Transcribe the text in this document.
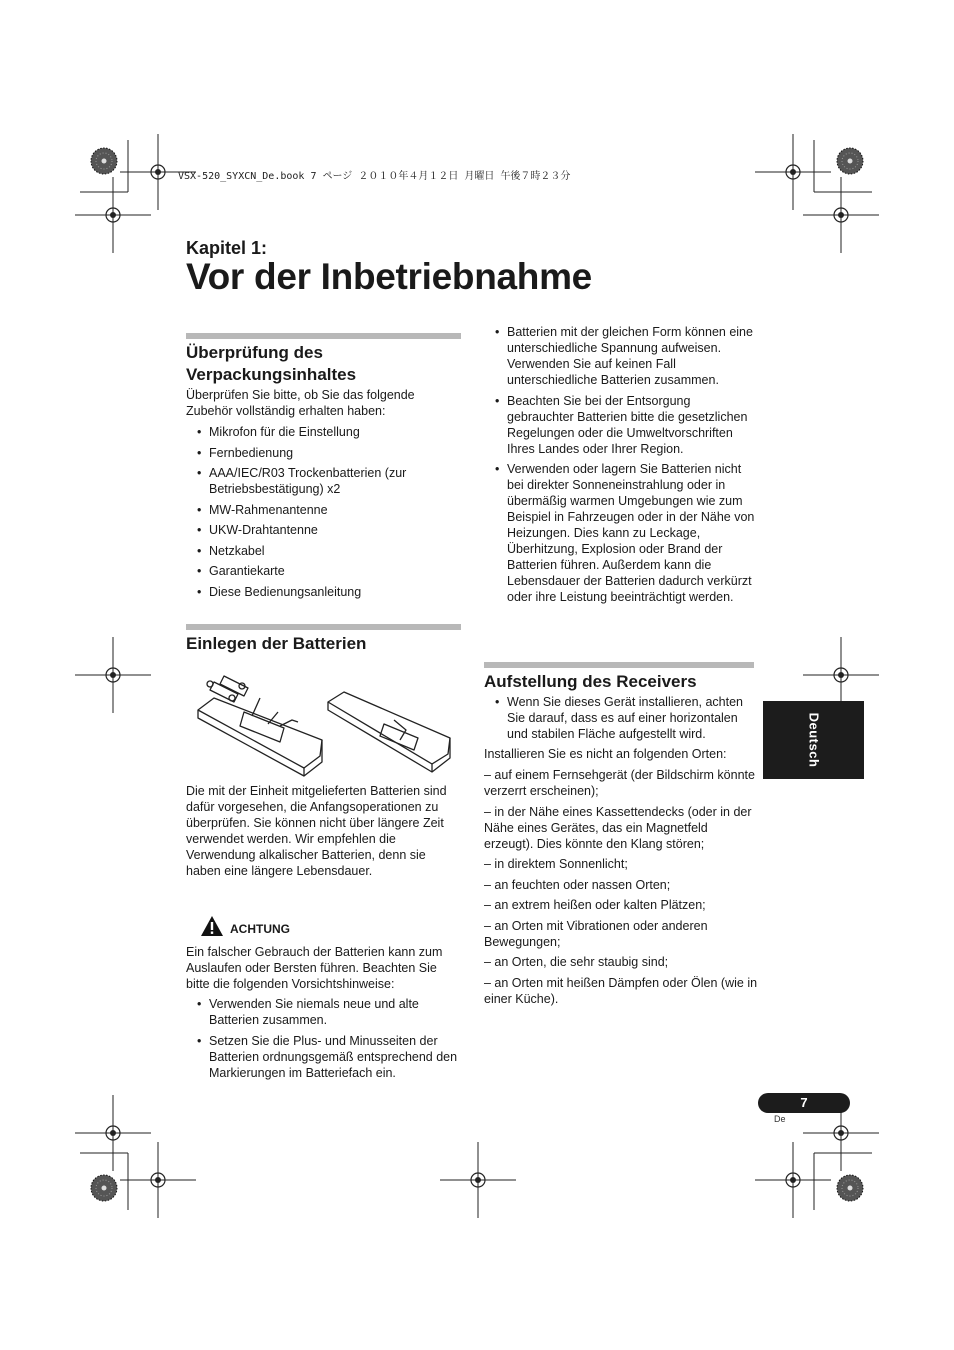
VSX-520_SYXCN_De.book 7 ページ ２０１０年４月１２日 月曜日 午後７時２３分
Kapitel 1:
Vor der Inbetriebnahme
Überprüfung des Verpackungsinhaltes

Überprüfen Sie bitte, ob Sie das folgende Zubehör vollständig erhalten haben:

• Mikrofon für die Einstellung
• Fernbedienung
• AAA/IEC/R03 Trockenbatterien (zur Betriebsbestätigung) x2
• MW-Rahmenantenne
• UKW-Drahtantenne
• Netzkabel
• Garantiekarte
• Diese Bedienungsanleitung
Einlegen der Batterien

Die mit der Einheit mitgelieferten Batterien sind dafür vorgesehen, die Anfangsoperationen zu überprüfen. Sie können nicht über längere Zeit verwendet werden. Wir empfehlen die Verwendung alkalischer Batterien, denn sie haben eine längere Lebensdauer.

ACHTUNG

Ein falscher Gebrauch der Batterien kann zum Auslaufen oder Bersten führen. Beachten Sie bitte die folgenden Vorsichtshinweise:

• Verwenden Sie niemals neue und alte Batterien zusammen.
• Setzen Sie die Plus- und Minusseiten der Batterien ordnungsgemäß entsprechend den Markierungen im Batteriefach ein.
• Batterien mit der gleichen Form können eine unterschiedliche Spannung aufweisen. Verwenden Sie auf keinen Fall unterschiedliche Batterien zusammen.
• Beachten Sie bei der Entsorgung gebrauchter Batterien bitte die gesetzlichen Regelungen oder die Umweltvorschriften Ihres Landes oder Ihrer Region.
• Verwenden oder lagern Sie Batterien nicht bei direkter Sonneneinstrahlung oder in übermäßig warmen Umgebungen wie zum Beispiel in Fahrzeugen oder in der Nähe von Heizungen. Dies kann zu Leckage, Überhitzung, Explosion oder Brand der Batterien führen. Außerdem kann die Lebensdauer der Batterien dadurch verkürzt oder ihre Leistung beeinträchtigt werden.
Aufstellung des Receivers
• Wenn Sie dieses Gerät installieren, achten Sie darauf, dass es auf einer horizontalen und stabilen Fläche aufgestellt wird.

Installieren Sie es nicht an folgenden Orten:

– auf einem Fernsehgerät (der Bildschirm könnte verzerrt erscheinen);

– in der Nähe eines Kassettendecks (oder in der Nähe eines Gerätes, das ein Magnetfeld erzeugt). Dies könnte den Klang stören;

– in direktem Sonnenlicht;

– an feuchten oder nassen Orten;

– an extrem heißen oder kalten Plätzen;

– an Orten mit Vibrationen oder anderen Bewegungen;

– an Orten, die sehr staubig sind;

– an Orten mit heißen Dämpfen oder Ölen (wie in einer Küche).

Deutsch
7
De
